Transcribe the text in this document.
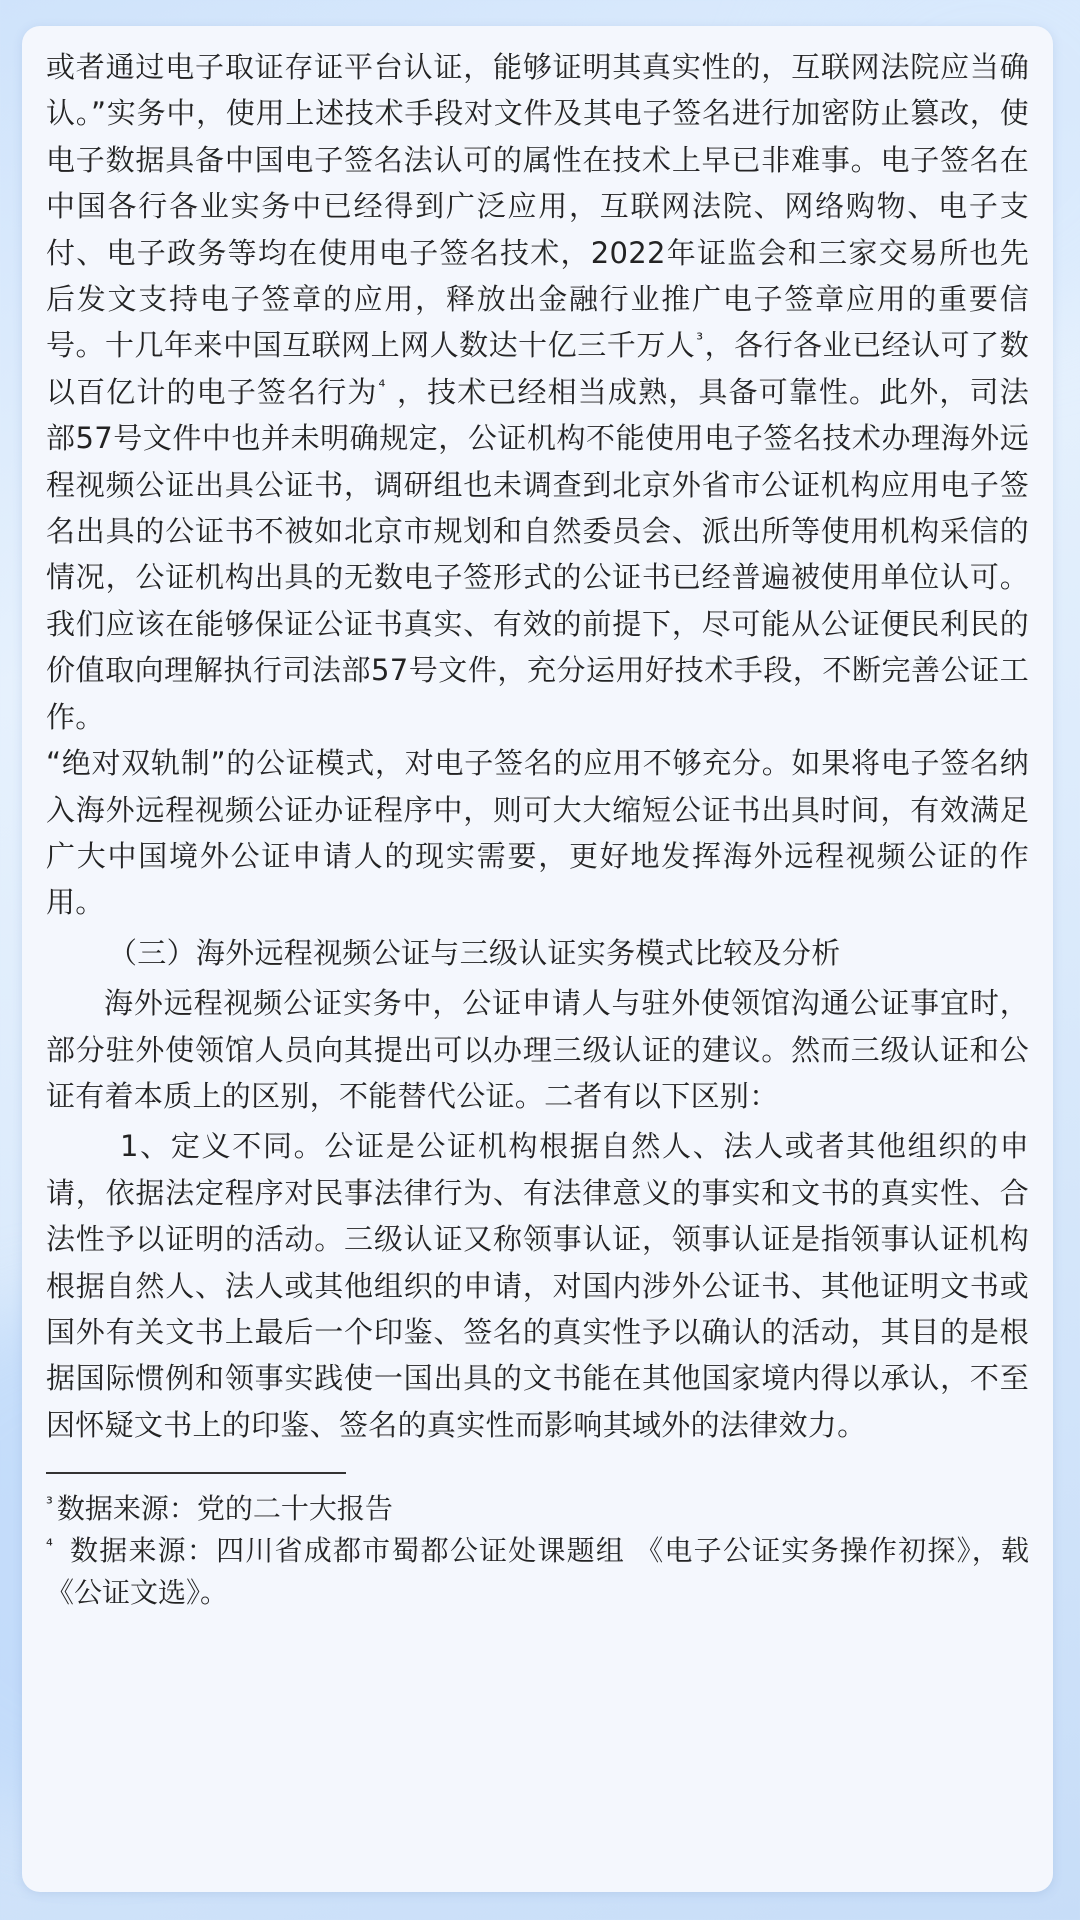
或者通过电子取证存证平台认证，能够证明其真实性的，互联网法院应当确认。”实务中，使用上述技术手段对文件及其电子签名进行加密防止篡改，使电子数据具备中国电子签名法认可的属性在技术上早已非难事。电子签名在中国各行各业实务中已经得到广泛应用，互联网法院、网络购物、电子支付、电子政务等均在使用电子签名技术，2022年证监会和三家交易所也先后发文支持电子签章的应用，释放出金融行业推广电子签章应用的重要信号。十几年来中国互联网上网人数达十亿三千万人$^{^3}$，各行各业已经认可了数以百亿计的电子签名行为$^{^4}$ ，技术已经相当成熟，具备可靠性。此外，司法部57号文件中也并未明确规定，公证机构不能使用电子签名技术办理海外远程视频公证出具公证书，调研组也未调查到北京外省市公证机构应用电子签名出具的公证书不被如北京市规划和自然委员会、派出所等使用机构采信的情况，公证机构出具的无数电子签形式的公证书已经普遍被使用单位认可。我们应该在能够保证公证书真实、有效的前提下，尽可能从公证便民利民的价值取向理解执行司法部57号文件，充分运用好技术手段，不断完善公证工作。

“绝对双轨制”的公证模式，对电子签名的应用不够充分。如果将电子签名纳入海外远程视频公证办证程序中，则可大大缩短公证书出具时间，有效满足广大中国境外公证申请人的现实需要，更好地发挥海外远程视频公证的作用。

（三）海外远程视频公证与三级认证实务模式比较及分析

海外远程视频公证实务中，公证申请人与驻外使领馆沟通公证事宜时，部分驻外使领馆人员向其提出可以办理三级认证的建议。然而三级认证和公证有着本质上的区别，不能替代公证。二者有以下区别：

1、定义不同。公证是公证机构根据自然人、法人或者其他组织的申请，依据法定程序对民事法律行为、有法律意义的事实和文书的真实性、合法性予以证明的活动。三级认证又称领事认证，领事认证是指领事认证机构根据自然人、法人或其他组织的申请，对国内涉外公证书、其他证明文书或国外有关文书上最后一个印鉴、签名的真实性予以确认的活动，其目的是根据国际惯例和领事实践使一国出具的文书能在其他国家境内得以承认，不至因怀疑文书上的印鉴、签名的真实性而影响其域外的法律效力。

$^{^3}$ 数据来源：党的二十大报告

$^{^4}$ 数据来源：四川省成都市蜀都公证处课题组 《电子公证实务操作初探》，载《公证文选》。
